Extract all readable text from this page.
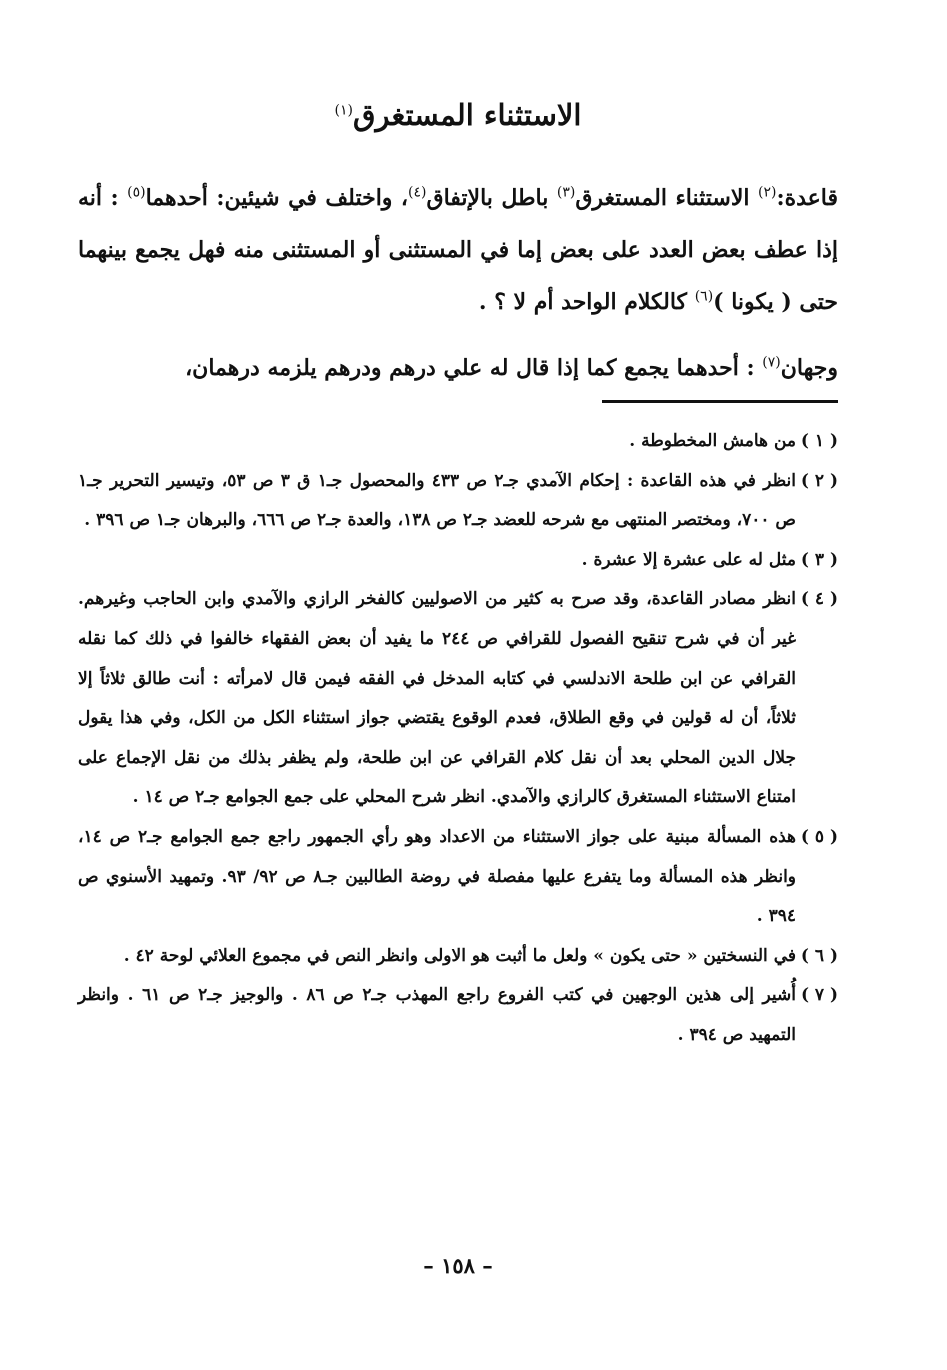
الاستثناء المستغرق$^{(١)}$

قاعدة:$^{(٢)}$ الاستثناء المستغرق$^{(٣)}$ باطل بالإتفاق$^{(٤)}$، واختلف في شيئين: أحدهما$^{(٥)}$ : أنه إذا عطف بعض العدد على بعض إما في المستثنى أو المستثنى منه فهل يجمع بينهما حتى ( يكونا )$^{(٦)}$ كالكلام الواحد أم لا ؟ .

وجهان$^{(٧)}$ : أحدهما يجمع كما إذا قال له علي درهم ودرهم يلزمه درهمان،

( ١ )من هامش المخطوطة .

( ٢ )انظر في هذه القاعدة : إحكام الآمدي جـ٢ ص ٤٣٣ والمحصول جـ١ ق ٣ ص ٥٣، وتيسير التحرير جـ١ ص ٧٠٠، ومختصر المنتهى مع شرحه للعضد جـ٢ ص ١٣٨، والعدة جـ٢ ص ٦٦٦، والبرهان جـ١ ص ٣٩٦ .

( ٣ )مثل له على عشرة إلا عشرة .

( ٤ )انظر مصادر القاعدة، وقد صرح به كثير من الاصوليين كالفخر الرازي والآمدي وابن الحاجب وغيرهم. غير أن في شرح تنقيح الفصول للقرافي ص ٢٤٤ ما يفيد أن بعض الفقهاء خالفوا في ذلك كما نقله القرافي عن ابن طلحة الاندلسي في كتابه المدخل في الفقه فيمن قال لامرأته : أنت طالق ثلاثاً إلا ثلاثاً، أن له قولين في وقع الطلاق، فعدم الوقوع يقتضي جواز استثناء الكل من الكل، وفي هذا يقول جلال الدين المحلي بعد أن نقل كلام القرافي عن ابن طلحة، ولم يظفر بذلك من نقل الإجماع على امتناع الاستثناء المستغرق كالرازي والآمدي. انظر شرح المحلي على جمع الجوامع جـ٢ ص ١٤ .

( ٥ )هذه المسألة مبنية على جواز الاستثناء من الاعداد وهو رأي الجمهور راجع جمع الجوامع جـ٢ ص ١٤، وانظر هذه المسألة وما يتفرع عليها مفصلة في روضة الطالبين جـ٨ ص ٩٢/ ٩٣. وتمهيد الأسنوي ص ٣٩٤ .

( ٦ )في النسختين « حتى يكون » ولعل ما أثبت هو الاولى وانظر النص في مجموع العلائي لوحة ٤٢ .

( ٧ )أُشير إلى هذين الوجهين في كتب الفروع راجع المهذب جـ٢ ص ٨٦ . والوجيز جـ٢ ص ٦١ . وانظر التمهيد ص ٣٩٤ .

– ١٥٨ –
